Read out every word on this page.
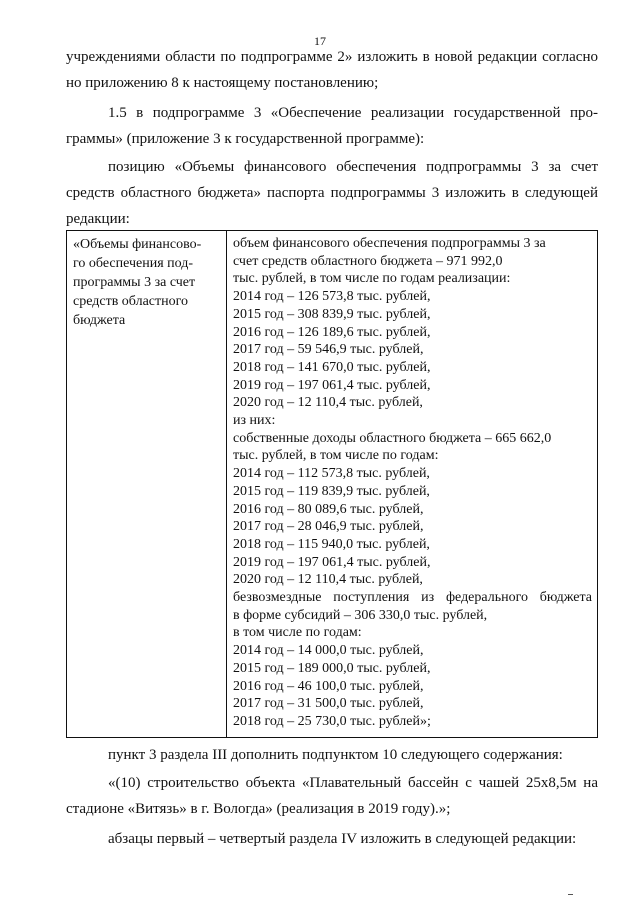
17
учреждениями области по подпрограмме 2» изложить в новой редакции согласно
но приложению 8 к настоящему постановлению;
1.5 в подпрограмме 3 «Обеспечение реализации государственной про-
граммы» (приложение 3 к государственной программе):
позицию «Объемы финансового обеспечения подпрограммы 3 за счет
средств областного бюджета» паспорта подпрограммы 3 изложить в следующей
редакции:
«Объемы финансово-
го обеспечения под-
программы 3 за счет
средств областного
бюджета

объем финансового обеспечения подпрограммы 3 за
счет средств областного бюджета – 971 992,0
тыс. рублей, в том числе по годам реализации:
2014 год – 126 573,8 тыс. рублей,
2015 год – 308 839,9 тыс. рублей,
2016 год – 126 189,6 тыс. рублей,
2017 год – 59 546,9 тыс. рублей,
2018 год – 141 670,0 тыс. рублей,
2019 год – 197 061,4 тыс. рублей,
2020 год – 12 110,4 тыс. рублей,
из них:
собственные доходы областного бюджета – 665 662,0
тыс. рублей, в том числе по годам:
2014 год – 112 573,8 тыс. рублей,
2015 год – 119 839,9 тыс. рублей,
2016 год – 80 089,6 тыс. рублей,
2017 год – 28 046,9 тыс. рублей,
2018 год – 115 940,0 тыс. рублей,
2019 год – 197 061,4 тыс. рублей,
2020 год – 12 110,4 тыс. рублей,
безвозмездные поступления из федерального бюджета
в форме субсидий – 306 330,0 тыс. рублей,
в том числе по годам:
2014 год – 14 000,0 тыс. рублей,
2015 год – 189 000,0 тыс. рублей,
2016 год – 46 100,0 тыс. рублей,
2017 год – 31 500,0 тыс. рублей,
2018 год – 25 730,0 тыс. рублей»;
пункт 3 раздела III дополнить подпунктом 10 следующего содержания:
«(10) строительство объекта «Плавательный бассейн с чашей 25x8,5м на
стадионе «Витязь» в г. Вологда» (реализация в 2019 году).»;
абзацы первый – четвертый раздела IV изложить в следующей редакции:
